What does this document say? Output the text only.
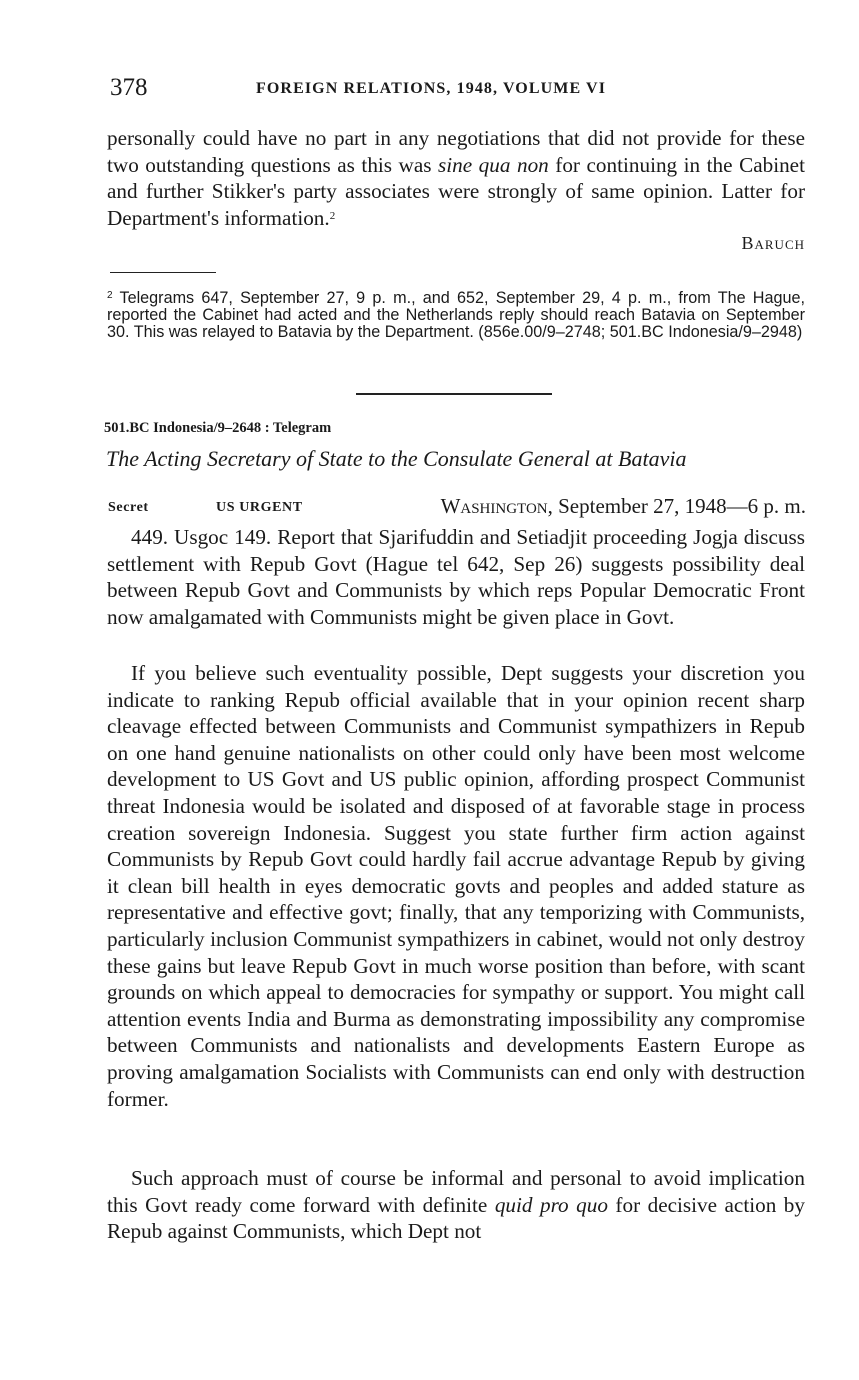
378	FOREIGN RELATIONS, 1948, VOLUME VI

personally could have no part in any negotiations that did not provide for these two outstanding questions as this was sine qua non for continuing in the Cabinet and further Stikker's party associates were strongly of same opinion. Latter for Department's information.$^2$

Baruch

$^2$ Telegrams 647, September 27, 9 p. m., and 652, September 29, 4 p. m., from The Hague, reported the Cabinet had acted and the Netherlands reply should reach Batavia on September 30. This was relayed to Batavia by the Department. (856e.00/9–2748; 501.BC Indonesia/9–2948)

501.BC Indonesia/9–2648 : Telegram
The Acting Secretary of State to the Consulate General at Batavia
Secret	US URGENT	Washington, September 27, 1948—6 p. m.

449. Usgoc 149. Report that Sjarifuddin and Setiadjit proceeding Jogja discuss settlement with Repub Govt (Hague tel 642, Sep 26) suggests possibility deal between Repub Govt and Communists by which reps Popular Democratic Front now amalgamated with Communists might be given place in Govt.

If you believe such eventuality possible, Dept suggests your discretion you indicate to ranking Repub official available that in your opinion recent sharp cleavage effected between Communists and Communist sympathizers in Repub on one hand genuine nationalists on other could only have been most welcome development to US Govt and US public opinion, affording prospect Communist threat Indonesia would be isolated and disposed of at favorable stage in process creation sovereign Indonesia. Suggest you state further firm action against Communists by Repub Govt could hardly fail accrue advantage Repub by giving it clean bill health in eyes democratic govts and peoples and added stature as representative and effective govt; finally, that any temporizing with Communists, particularly inclusion Communist sympathizers in cabinet, would not only destroy these gains but leave Repub Govt in much worse position than before, with scant grounds on which appeal to democracies for sympathy or support. You might call attention events India and Burma as demonstrating impossibility any compromise between Communists and nationalists and developments Eastern Europe as proving amalgamation Socialists with Communists can end only with destruction former.

Such approach must of course be informal and personal to avoid implication this Govt ready come forward with definite quid pro quo for decisive action by Repub against Communists, which Dept not
